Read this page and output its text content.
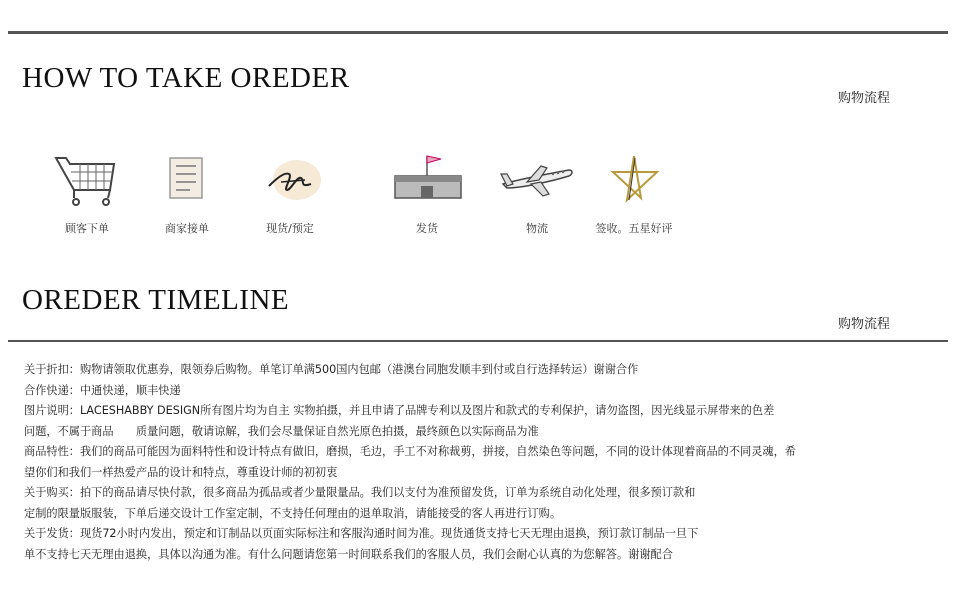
HOW TO TAKE OREDER
购物流程
顾客下单	商家接单	现货/预定	发货	物流	签收。五星好评
OREDER TIMELINE
购物流程
关于折扣：购物请领取优惠券，限领券后购物。单笔订单满500国内包邮（港澳台同胞发顺丰到付或自行选择转运）谢谢合作
合作快递：中通快递，顺丰快递
图片说明：LACESHABBY DESIGN所有图片均为自主 实物拍摄，并且申请了品牌专利以及图片和款式的专利保护，请勿盗图，因光线显示屏带来的色差
问题，不属于商品　　质量问题，敬请谅解，我们会尽量保证自然光原色拍摄，最终颜色以实际商品为准
商品特性：我们的商品可能因为面料特性和设计特点有做旧，磨损，毛边，手工不对称裁剪，拼接，自然染色等问题，不同的设计体现着商品的不同灵魂，希
望你们和我们一样热爱产品的设计和特点，尊重设计师的初初衷
关于购买：拍下的商品请尽快付款，很多商品为孤品或者少量限量品。我们以支付为准预留发货，订单为系统自动化处理，很多预订款和
定制的限量版服装，下单后递交设计工作室定制，不支持任何理由的退单取消，请能接受的客人再进行订购。
关于发货：现货72小时内发出，预定和订制品以页面实际标注和客服沟通时间为准。现货通货支持七天无理由退换，预订款订制品一旦下
单不支持七天无理由退换，具体以沟通为准。有什么问题请您第一时间联系我们的客服人员，我们会耐心认真的为您解答。谢谢配合
